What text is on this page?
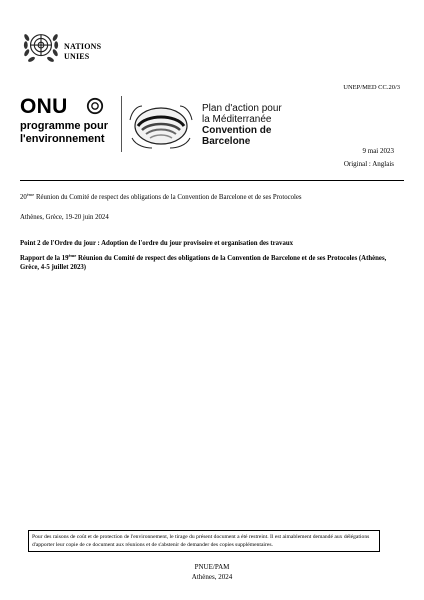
NATIONS
UNIES
UNEP/MED CC.20/3
ONU
programme pour
l'environnement
Plan d'action pour
la Méditerranée
Convention de
Barcelone
9 mai 2023
Original : Anglais
20ème Réunion du Comité de respect des obligations de la Convention de Barcelone et de ses Protocoles
Athènes, Grèce, 19-20 juin 2024
Point 2 de l'Ordre du jour : Adoption de l'ordre du jour provisoire et organisation des travaux
Rapport de la 19ème Réunion du Comité de respect des obligations de la Convention de Barcelone et de ses Protocoles (Athènes, Grèce, 4-5 juillet 2023)
Pour des raisons de coût et de protection de l'environnement, le tirage du présent document a été restreint. Il est aimablement demandé aux délégations d'apporter leur copie de ce document aux réunions et de s'abstenir de demander des copies supplémentaires.
PNUE/PAM
Athènes, 2024
